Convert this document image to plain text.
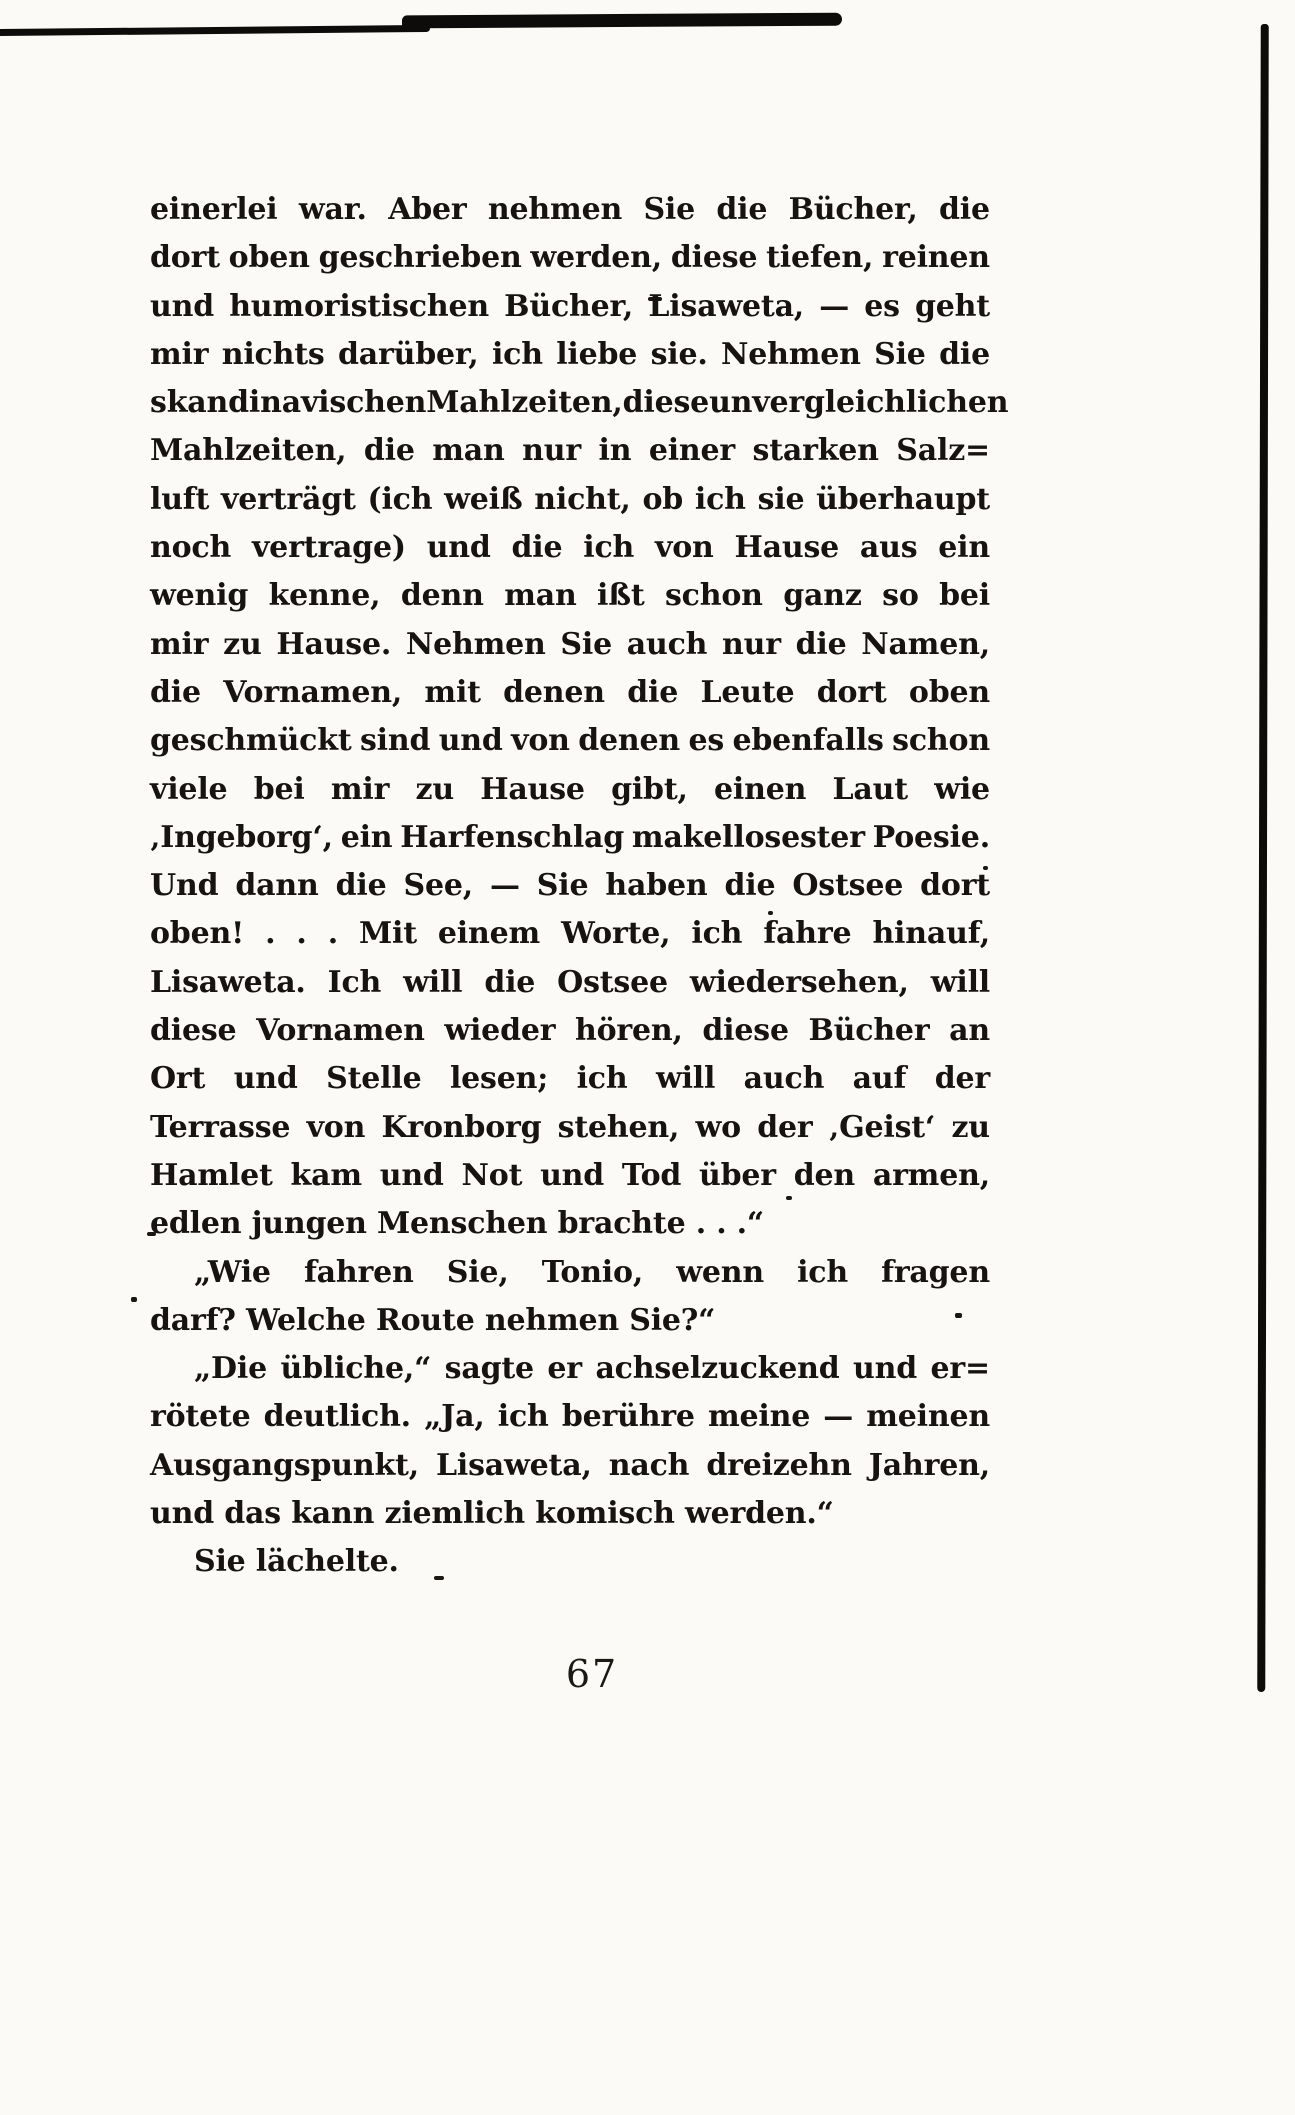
einerlei war. Aber nehmen Sie die Bücher, die
dort oben geschrieben werden, diese tiefen, reinen
und humoristischen Bücher, Lisaweta, — es geht
mir nichts darüber, ich liebe sie. Nehmen Sie die
skandinavischen Mahlzeiten, diese unvergleichlichen
Mahlzeiten, die man nur in einer starken Salz=
luft verträgt (ich weiß nicht, ob ich sie überhaupt
noch vertrage) und die ich von Hause aus ein
wenig kenne, denn man ißt schon ganz so bei
mir zu Hause. Nehmen Sie auch nur die Namen,
die Vornamen, mit denen die Leute dort oben
geschmückt sind und von denen es ebenfalls schon
viele bei mir zu Hause gibt, einen Laut wie
‚Ingeborg‘, ein Harfenschlag makellosester Poesie.
Und dann die See, — Sie haben die Ostsee dort
oben! . . . Mit einem Worte, ich fahre hinauf,
Lisaweta. Ich will die Ostsee wiedersehen, will
diese Vornamen wieder hören, diese Bücher an
Ort und Stelle lesen; ich will auch auf der
Terrasse von Kronborg stehen, wo der ‚Geist‘ zu
Hamlet kam und Not und Tod über den armen,
edlen jungen Menschen brachte . . .“
„Wie fahren Sie, Tonio, wenn ich fragen
darf? Welche Route nehmen Sie?“
„Die übliche,“ sagte er achselzuckend und er=
rötete deutlich. „Ja, ich berühre meine — meinen
Ausgangspunkt, Lisaweta, nach dreizehn Jahren,
und das kann ziemlich komisch werden.“
Sie lächelte.
67
